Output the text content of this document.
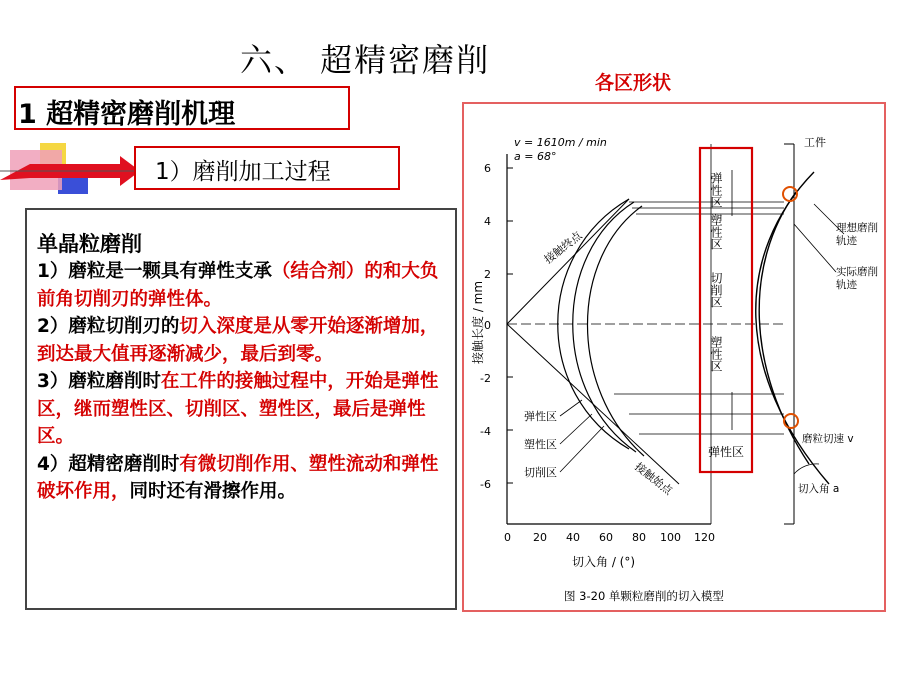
六、 超精密磨削
各区形状
1 超精密磨削机理
1）磨削加工过程
单晶粒磨削
1）磨粒是一颗具有弹性支承（结合剂）的和大负前角切削刃的弹性体。
2）磨粒切削刃的切入深度是从零开始逐渐增加，到达最大值再逐渐减少，最后到零。
3）磨粒磨削时在工件的接触过程中，开始是弹性区，继而塑性区、切削区、塑性区，最后是弹性区。
4）超精密磨削时有微切削作用、塑性流动和弹性破坏作用，同时还有滑擦作用。
6
4
2
0
-2
-4
-6
0 20 40 60 80 100 120
切入角 / (°)
接触长度 / mm
v = 1610m / min
a = 68°
接触终点
接触始点
弹性区
塑性区
切削区
弹性区
塑性区
切削区
塑性区
弹性区
工件
理想磨削轨迹
实际磨削轨迹
磨粒切速 v
切入角 a
图 3-20 单颗粒磨削的切入模型
